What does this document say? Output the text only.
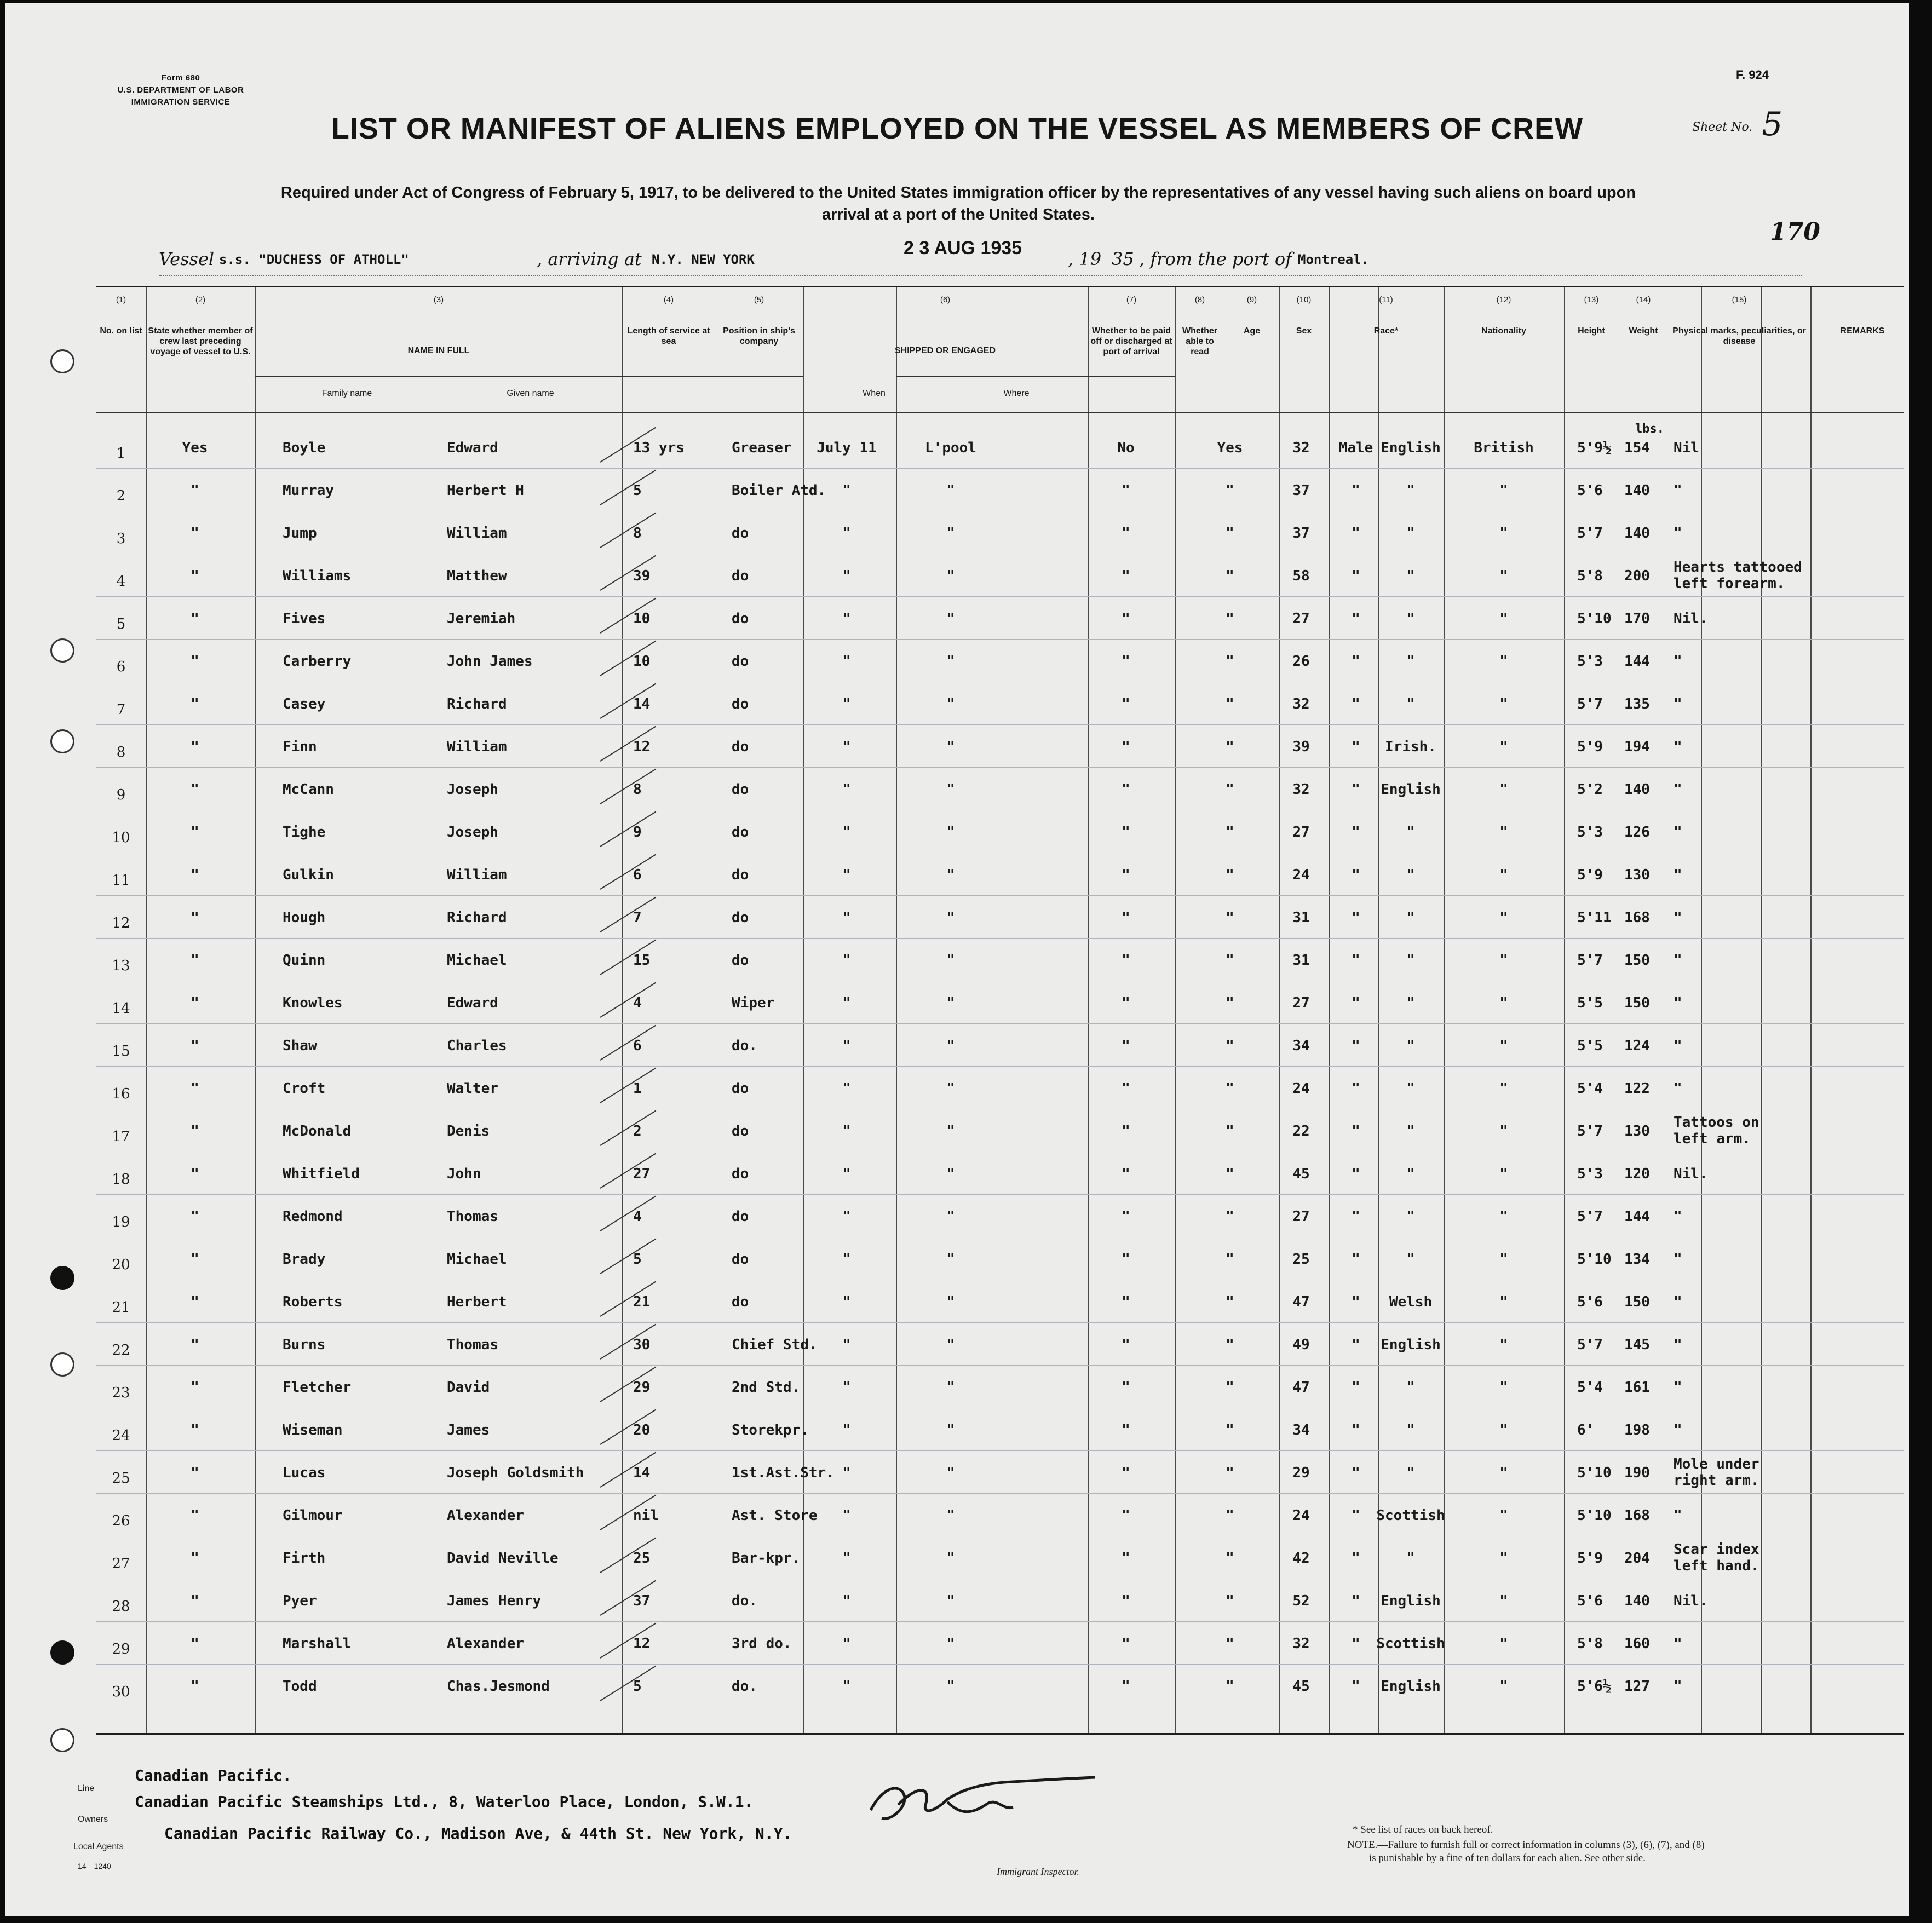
Form 680
U.S. DEPARTMENT OF LABOR
IMMIGRATION SERVICE
F. 924
Sheet No. 5
LIST OR MANIFEST OF ALIENS EMPLOYED ON THE VESSEL AS MEMBERS OF CREW
Required under Act of Congress of February 5, 1917, to be delivered to the United States immigration officer by the representatives of any vessel having such aliens on board upon
arrival at a port of the United States.
170
Vessel s.s. "DUCHESS OF ATHOLL"	, arriving at N.Y. NEW YORK
2 3 AUG 1935
, 19 35 , from the port of Montreal.
(1)
No. on list
(2)
State whether member of crew last preceding voyage of vessel to U.S.
(3)
NAME IN FULL
Family name	Given name
(4)
Length of service at sea
(5)
Position in ship's company
(6)
SHIPPED OR ENGAGED
When	Where
(7)
Whether to be paid off or discharged at port of arrival
(8)
Whether able to read
(9)
Age
(10)
Sex
(11)
Race*
(12)
Nationality
(13)
Height
(14)
Weight
(15)
Physical marks, peculiarities, or disease
REMARKS
1	Yes	Boyle	Edward	13 yrs	Greaser	July 11	L'pool	No	Yes	32	Male English	British	5'9½ 154 Nil
2	"	Murray	Herbert H	5	Boiler Atd.	"	"	"	"	37	"	"	"	5'6 140 "
3	"	Jump	William	8	do	"	"	"	"	37	"	"	"	5'7 140 "
4	"	Williams	Matthew	39	do	"	"	"	"	58	"	"	"	5'8 200
Hearts tattooed
left forearm.
5	"	Fives	Jeremiah	10	do	"	"	"	"	27	"	"	"	5'10 170 Nil.
6	"	Carberry	John James	10	do	"	"	"	"	26	"	"	"	5'3 144 "
7	"	Casey	Richard	14	do	"	"	"	"	32	"	"	"	5'7 135 "
8	"	Finn	William	12	do	"	"	"	"	39	"	Irish.	"	5'9 194 "
9	"	McCann	Joseph	8	do	"	"	"	"	32	"	English	"	5'2 140 "
10	"	Tighe	Joseph	9	do	"	"	"	"	27	"	"	"	5'3 126 "
11	"	Gulkin	William	6	do	"	"	"	"	24	"	"	"	5'9 130 "
12	"	Hough	Richard	7	do	"	"	"	"	31	"	"	"	5'11 168 "
13	"	Quinn	Michael	15	do	"	"	"	"	31	"	"	"	5'7 150 "
14	"	Knowles	Edward	4	Wiper	"	"	"	"	27	"	"	"	5'5 150 "
15	"	Shaw	Charles	6	do.	"	"	"	"	34	"	"	"	5'5 124 "
16	"	Croft	Walter	1	do	"	"	"	"	24	"	"	"	5'4 122 "
17	"	McDonald	Denis	2	do	"	"	"	"	22	"	"	"	5'7 130
Tattoos on
left arm.
18	"	Whitfield	John	27	do	"	"	"	"	45	"	"	"	5'3 120 Nil.
19	"	Redmond	Thomas	4	do	"	"	"	"	27	"	"	"	5'7 144 "
20	"	Brady	Michael	5	do	"	"	"	"	25	"	"	"	5'10 134 "
21	"	Roberts	Herbert	21	do	"	"	"	"	47	"	Welsh	"	5'6 150 "
22	"	Burns	Thomas	30	Chief Std.	"	"	"	"	49	"	English	"	5'7 145 "
23	"	Fletcher	David	29	2nd Std.	"	"	"	"	47	"	"	"	5'4 161 "
24	"	Wiseman	James	20	Storekpr.	"	"	"	"	34	"	"	"	6' 198 "
25	"	Lucas	Joseph Goldsmith	14	1st.Ast.Str. "	"	"	"	29	"	"	"	5'10 190
Mole under
right arm.
26	"	Gilmour	Alexander	nil	Ast. Store	"	"	"	"	24	"	Scottish	"	5'10 168 "
27	"	Firth	David Neville	25	Bar-kpr.	"	"	"	"	42	"	"	"	5'9 204
Scar index
left hand.
28	"	Pyer	James Henry	37	do.	"	"	"	"	52	"	English	"	5'6 140 Nil.
29	"	Marshall	Alexander	12	3rd do.	"	"	"	"	32	"	Scottish	"	5'8 160 "
30	"	Todd	Chas.Jesmond	5	do.	"	"	"	"	45	"	English	"	5'6½ 127 "
lbs.
Line
Canadian Pacific.
Owners
Canadian Pacific Steamships Ltd., 8, Waterloo Place, London, S.W.1.
Local Agents
Canadian Pacific Railway Co., Madison Ave, & 44th St. New York, N.Y.
14—1240	Immigrant Inspector.
* See list of races on back hereof.
NOTE.—Failure to furnish full or correct information in columns (3), (6), (7), and (8)
is punishable by a fine of ten dollars for each alien. See other side.
